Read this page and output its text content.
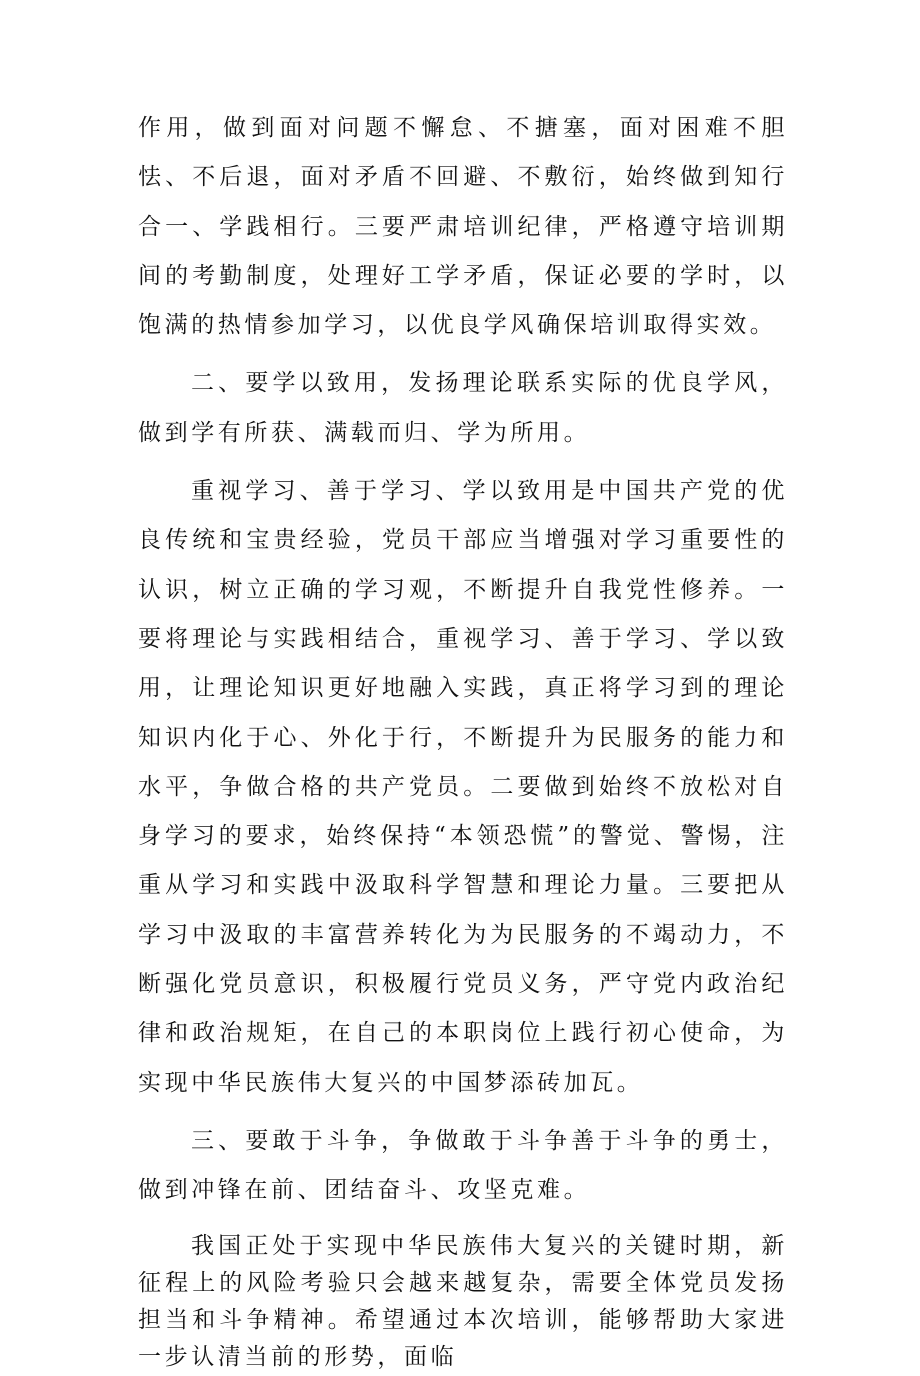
作用，做到面对问题不懈怠、不搪塞，面对困难不胆怯、不后退，面对矛盾不回避、不敷衍，始终做到知行合一、学践相行。三要严肃培训纪律，严格遵守培训期间的考勤制度，处理好工学矛盾，保证必要的学时，以饱满的热情参加学习，以优良学风确保培训取得实效。

二、要学以致用，发扬理论联系实际的优良学风，做到学有所获、满载而归、学为所用。

重视学习、善于学习、学以致用是中国共产党的优良传统和宝贵经验，党员干部应当增强对学习重要性的认识，树立正确的学习观，不断提升自我党性修养。一要将理论与实践相结合，重视学习、善于学习、学以致用，让理论知识更好地融入实践，真正将学习到的理论知识内化于心、外化于行，不断提升为民服务的能力和水平，争做合格的共产党员。二要做到始终不放松对自身学习的要求，始终保持“本领恐慌”的警觉、警惕，注重从学习和实践中汲取科学智慧和理论力量。三要把从学习中汲取的丰富营养转化为为民服务的不竭动力，不断强化党员意识，积极履行党员义务，严守党内政治纪律和政治规矩，在自己的本职岗位上践行初心使命，为实现中华民族伟大复兴的中国梦添砖加瓦。

三、要敢于斗争，争做敢于斗争善于斗争的勇士，做到冲锋在前、团结奋斗、攻坚克难。

我国正处于实现中华民族伟大复兴的关键时期，新征程上的风险考验只会越来越复杂，需要全体党员发扬担当和斗争精神。希望通过本次培训，能够帮助大家进一步认清当前的形势，面临
